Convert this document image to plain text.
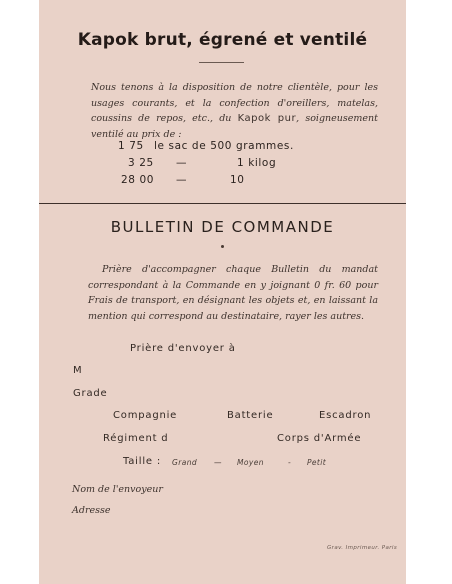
Kapok brut, égrené et ventilé
Nous tenons à la disposition de notre clientèle, pour les usages courants, et la confection d'oreillers, matelas, coussins de repos, etc., du Kapok pur, soigneusement ventilé au prix de :
1 75 le sac de 500 grammes.
3 25 —	1 kilog
28 00 —	10
BULLETIN DE COMMANDE
Prière d'accompagner chaque Bulletin du mandat correspondant à la Commande en y joignant 0 fr. 60 pour Frais de transport, en désignant les objets et, en laissant la mention qui correspond au destinataire, rayer les autres.
Prière d'envoyer à
M
Grade
Compagnie	Batterie	Escadron
Régiment d	Corps d'Armée
Taille : Grand — Moyen	- Petit
Nom de l'envoyeur
Adresse
Grav. Imprimeur. Paris
